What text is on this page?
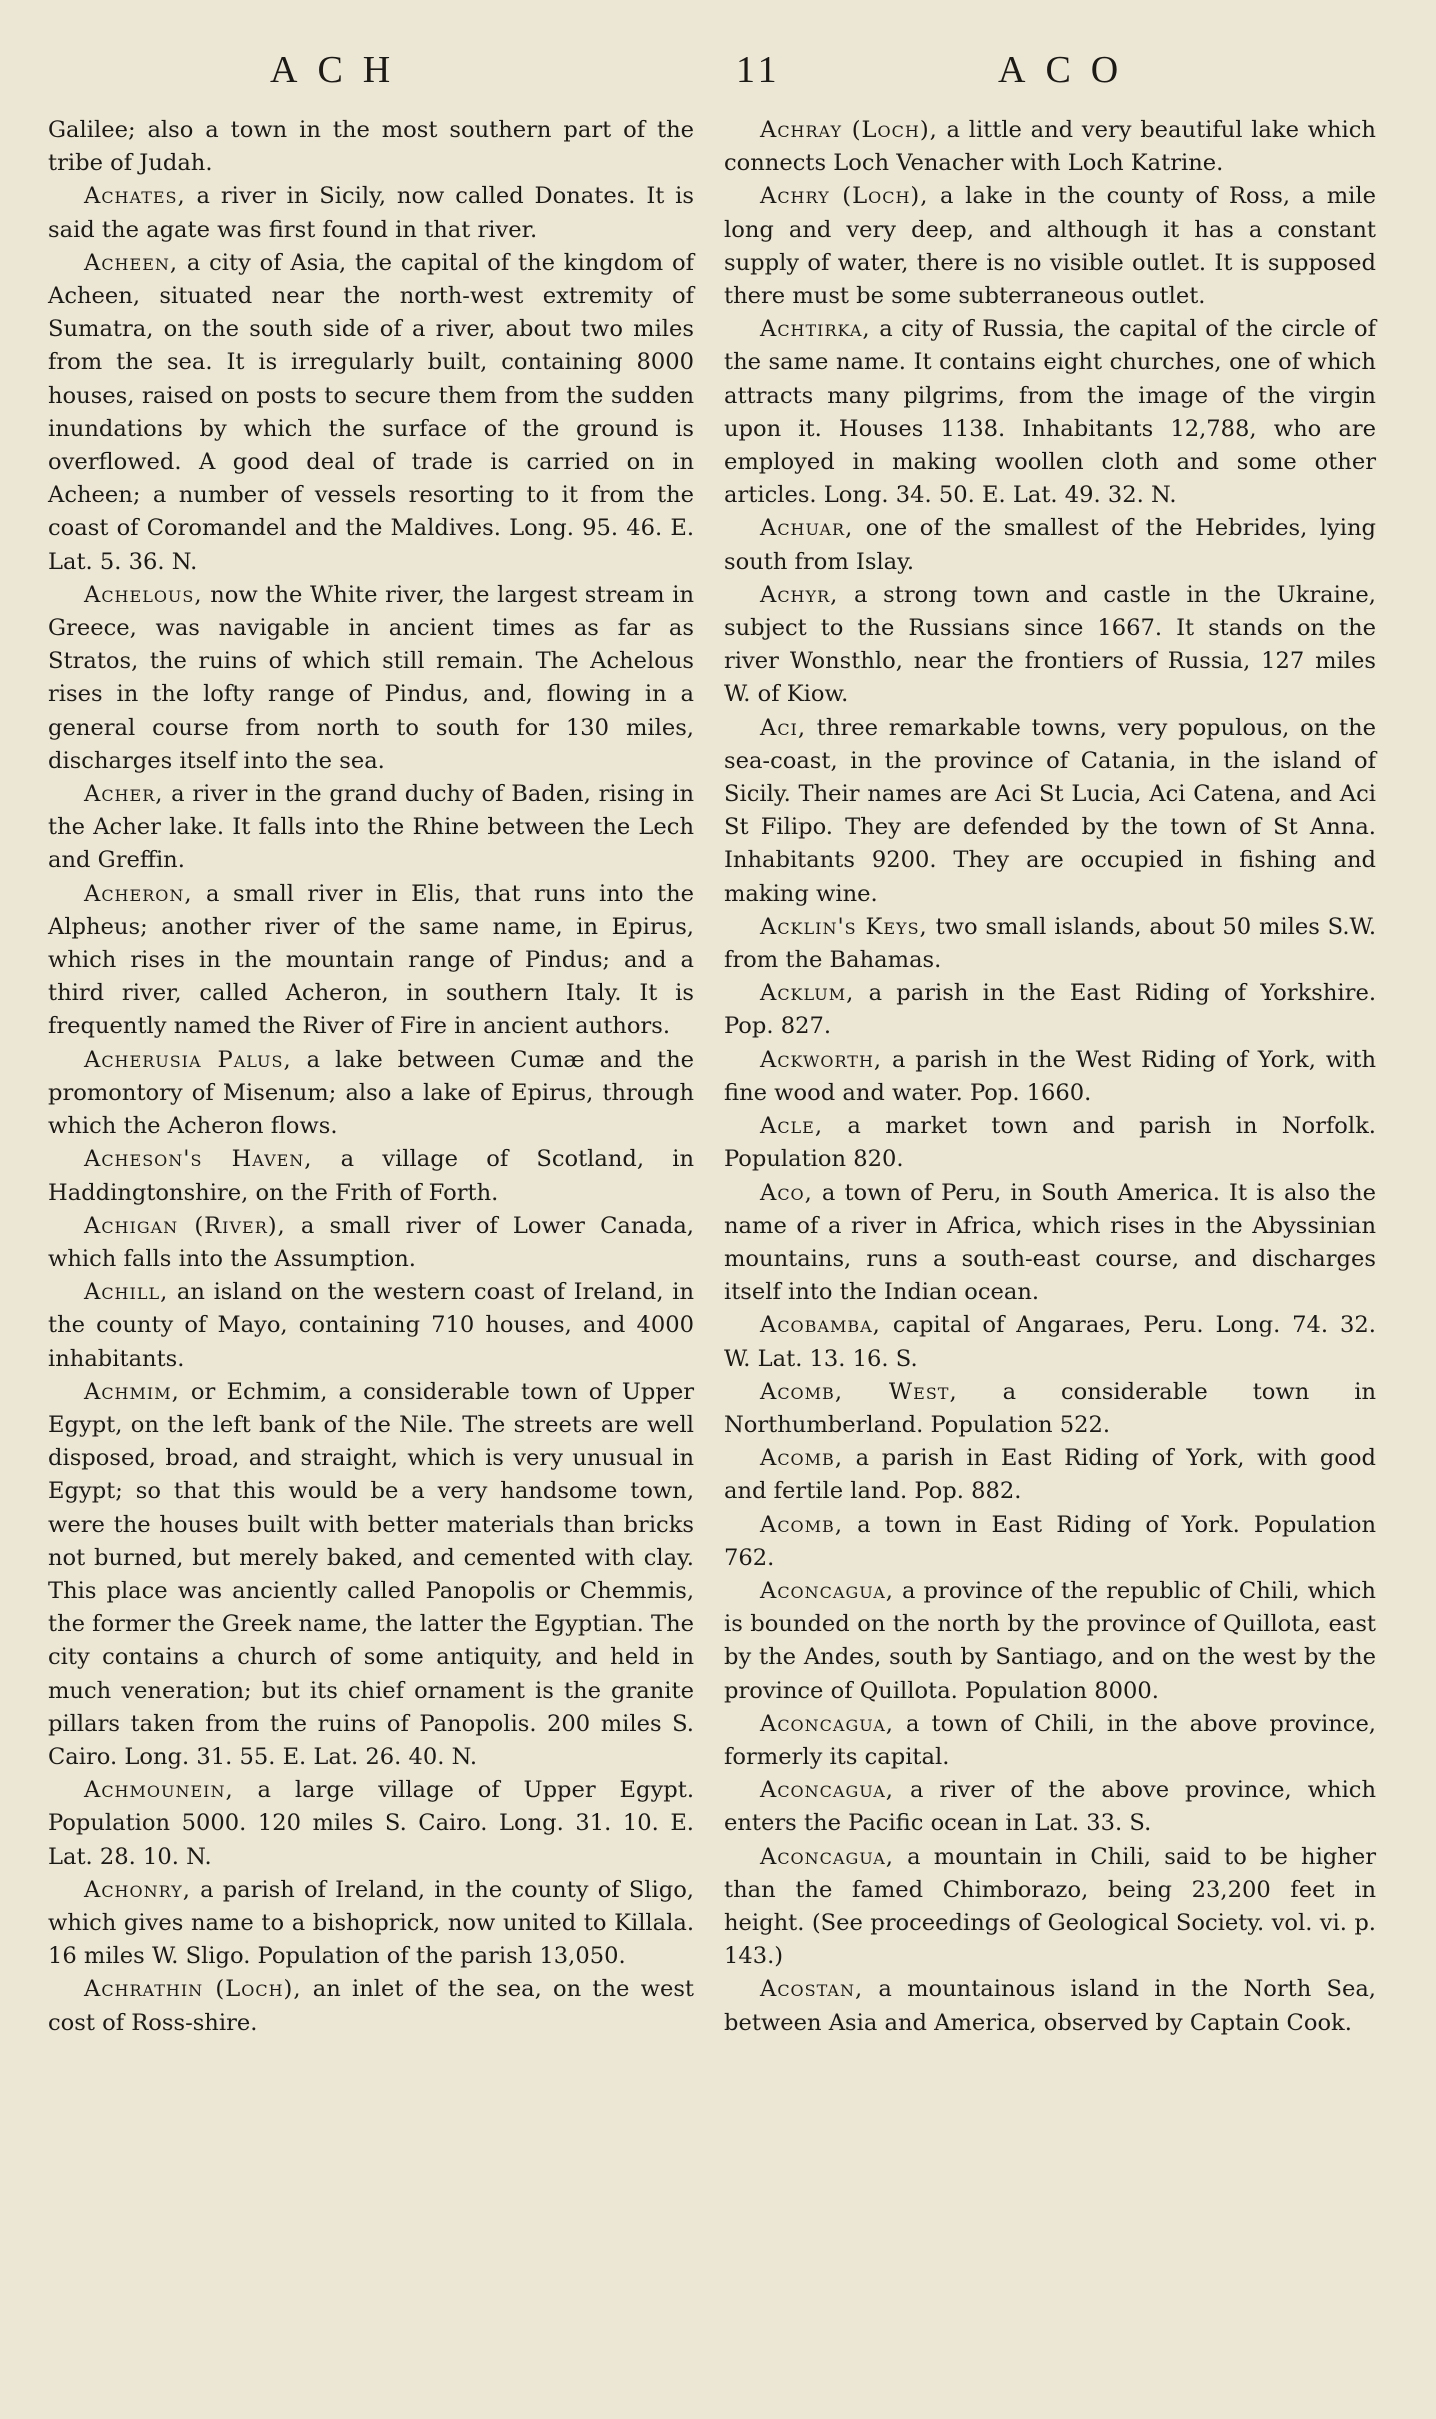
ACH	11	ACO

Galilee; also a town in the most southern part of the tribe of Judah.

Achates, a river in Sicily, now called Donates. It is said the agate was first found in that river.

Acheen, a city of Asia, the capital of the kingdom of Acheen, situated near the north-west extremity of Sumatra, on the south side of a river, about two miles from the sea. It is irregularly built, containing 8000 houses, raised on posts to secure them from the sudden inundations by which the surface of the ground is overflowed. A good deal of trade is carried on in Acheen; a number of vessels resorting to it from the coast of Coromandel and the Maldives. Long. 95. 46. E. Lat. 5. 36. N.

Achelous, now the White river, the largest stream in Greece, was navigable in ancient times as far as Stratos, the ruins of which still remain. The Achelous rises in the lofty range of Pindus, and, flowing in a general course from north to south for 130 miles, discharges itself into the sea.

Acher, a river in the grand duchy of Baden, rising in the Acher lake. It falls into the Rhine between the Lech and Greffin.

Acheron, a small river in Elis, that runs into the Alpheus; another river of the same name, in Epirus, which rises in the mountain range of Pindus; and a third river, called Acheron, in southern Italy. It is frequently named the River of Fire in ancient authors.

Acherusia Palus, a lake between Cumæ and the promontory of Misenum; also a lake of Epirus, through which the Acheron flows.

Acheson's Haven, a village of Scotland, in Haddingtonshire, on the Frith of Forth.

Achigan (River), a small river of Lower Canada, which falls into the Assumption.

Achill, an island on the western coast of Ireland, in the county of Mayo, containing 710 houses, and 4000 inhabitants.

Achmim, or Echmim, a considerable town of Upper Egypt, on the left bank of the Nile. The streets are well disposed, broad, and straight, which is very unusual in Egypt; so that this would be a very handsome town, were the houses built with better materials than bricks not burned, but merely baked, and cemented with clay. This place was anciently called Panopolis or Chemmis, the former the Greek name, the latter the Egyptian. The city contains a church of some antiquity, and held in much veneration; but its chief ornament is the granite pillars taken from the ruins of Panopolis. 200 miles S. Cairo. Long. 31. 55. E. Lat. 26. 40. N.

Achmounein, a large village of Upper Egypt. Population 5000. 120 miles S. Cairo. Long. 31. 10. E. Lat. 28. 10. N.

Achonry, a parish of Ireland, in the county of Sligo, which gives name to a bishoprick, now united to Killala. 16 miles W. Sligo. Population of the parish 13,050.

Achrathin (Loch), an inlet of the sea, on the west cost of Ross-shire.

Achray (Loch), a little and very beautiful lake which connects Loch Venacher with Loch Katrine.

Achry (Loch), a lake in the county of Ross, a mile long and very deep, and although it has a constant supply of water, there is no visible outlet. It is supposed there must be some subterraneous outlet.

Achtirka, a city of Russia, the capital of the circle of the same name. It contains eight churches, one of which attracts many pilgrims, from the image of the virgin upon it. Houses 1138. Inhabitants 12,788, who are employed in making woollen cloth and some other articles. Long. 34. 50. E. Lat. 49. 32. N.

Achuar, one of the smallest of the Hebrides, lying south from Islay.

Achyr, a strong town and castle in the Ukraine, subject to the Russians since 1667. It stands on the river Wonsthlo, near the frontiers of Russia, 127 miles W. of Kiow.

Aci, three remarkable towns, very populous, on the sea-coast, in the province of Catania, in the island of Sicily. Their names are Aci St Lucia, Aci Catena, and Aci St Filipo. They are defended by the town of St Anna. Inhabitants 9200. They are occupied in fishing and making wine.

Acklin's Keys, two small islands, about 50 miles S.W. from the Bahamas.

Acklum, a parish in the East Riding of Yorkshire. Pop. 827.

Ackworth, a parish in the West Riding of York, with fine wood and water. Pop. 1660.

Acle, a market town and parish in Norfolk. Population 820.

Aco, a town of Peru, in South America. It is also the name of a river in Africa, which rises in the Abyssinian mountains, runs a south-east course, and discharges itself into the Indian ocean.

Acobamba, capital of Angaraes, Peru. Long. 74. 32. W. Lat. 13. 16. S.

Acomb, West, a considerable town in Northumberland. Population 522.

Acomb, a parish in East Riding of York, with good and fertile land. Pop. 882.

Acomb, a town in East Riding of York. Population 762.

Aconcagua, a province of the republic of Chili, which is bounded on the north by the province of Quillota, east by the Andes, south by Santiago, and on the west by the province of Quillota. Population 8000.

Aconcagua, a town of Chili, in the above province, formerly its capital.

Aconcagua, a river of the above province, which enters the Pacific ocean in Lat. 33. S.

Aconcagua, a mountain in Chili, said to be higher than the famed Chimborazo, being 23,200 feet in height. (See proceedings of Geological Society. vol. vi. p. 143.)

Acostan, a mountainous island in the North Sea, between Asia and America, observed by Captain Cook.
